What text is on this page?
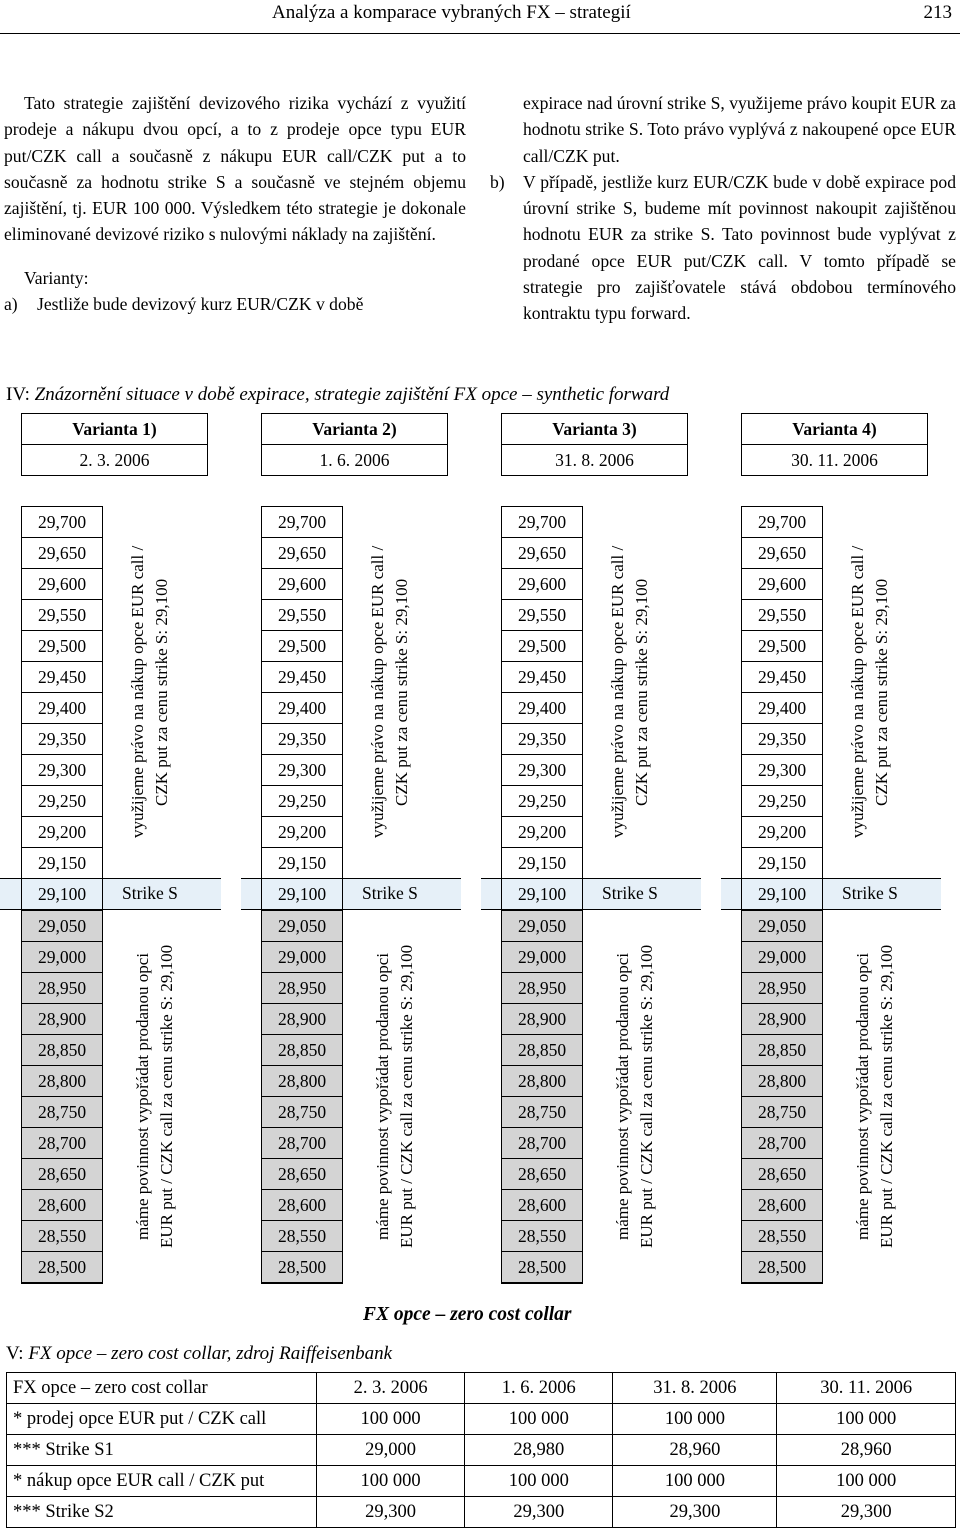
Analýza a komparace vybraných FX – strategií	213

Tato strategie zajištění devizového rizika vychází z využití prodeje a nákupu dvou opcí, a to z prodeje opce typu EUR put/CZK call a současně z nákupu EUR call/CZK put a to současně za hodnotu strike S a současně ve stejném objemu zajištění, tj. EUR 100 000. Výsledkem této strategie je dokonale eliminované devizové riziko s nulovými náklady na zajištění.

Varianty:

a)	Jestliže bude devizový kurz EUR/CZK v době
expirace nad úrovní strike S, využijeme právo koupit EUR za hodnotu strike S. Toto právo vyplývá z nakoupené opce EUR call/CZK put.
b)	V případě, jestliže kurz EUR/CZK bude v době expirace pod úrovní strike S, budeme mít povinnost nakoupit zajištěnou hodnotu EUR za strike S. Tato povinnost bude vyplývat z prodané opce EUR put/CZK call. V tomto případě se strategie pro zajišťovatele stává obdobou termínového kontraktu typu forward.
IV: Znázornění situace v době expirace, strategie zajištění FX opce – synthetic forward
Varianta 1)
2. 3. 2006
Varianta 2)
1. 6. 2006
Varianta 3)
31. 8. 2006
Varianta 4)
30. 11. 2006
29,700
29,650
29,600
29,550
29,500
29,450
29,400
29,350
29,300
29,250
29,200
29,150
využijeme právo na nákup opce EUR call / CZK put za cenu strike S: 29,100
29,100	Strike S
29,050
29,000
28,950
28,900
28,850
28,800
28,750
28,700
28,650
28,600
28,550
28,500
máme povinnost vypořádat prodanou opci EUR put / CZK call za cenu strike S: 29,100
29,700
29,650
29,600
29,550
29,500
29,450
29,400
29,350
29,300
29,250
29,200
29,150
využijeme právo na nákup opce EUR call / CZK put za cenu strike S: 29,100
29,100	Strike S
29,050
29,000
28,950
28,900
28,850
28,800
28,750
28,700
28,650
28,600
28,550
28,500
máme povinnost vypořádat prodanou opci EUR put / CZK call za cenu strike S: 29,100
29,700
29,650
29,600
29,550
29,500
29,450
29,400
29,350
29,300
29,250
29,200
29,150
využijeme právo na nákup opce EUR call / CZK put za cenu strike S: 29,100
29,100	Strike S
29,050
29,000
28,950
28,900
28,850
28,800
28,750
28,700
28,650
28,600
28,550
28,500
máme povinnost vypořádat prodanou opci EUR put / CZK call za cenu strike S: 29,100
29,700
29,650
29,600
29,550
29,500
29,450
29,400
29,350
29,300
29,250
29,200
29,150
využijeme právo na nákup opce EUR call / CZK put za cenu strike S: 29,100
29,100	Strike S
29,050
29,000
28,950
28,900
28,850
28,800
28,750
28,700
28,650
28,600
28,550
28,500
máme povinnost vypořádat prodanou opci EUR put / CZK call za cenu strike S: 29,100
FX opce – zero cost collar
V: FX opce – zero cost collar, zdroj Raiffeisenbank
FX opce – zero cost collar	2. 3. 2006	1. 6. 2006	31. 8. 2006	30. 11. 2006
* prodej opce EUR put / CZK call	100 000	100 000	100 000	100 000
*** Strike S1	29,000	28,980	28,960	28,960
* nákup opce EUR call / CZK put	100 000	100 000	100 000	100 000
*** Strike S2	29,300	29,300	29,300	29,300
